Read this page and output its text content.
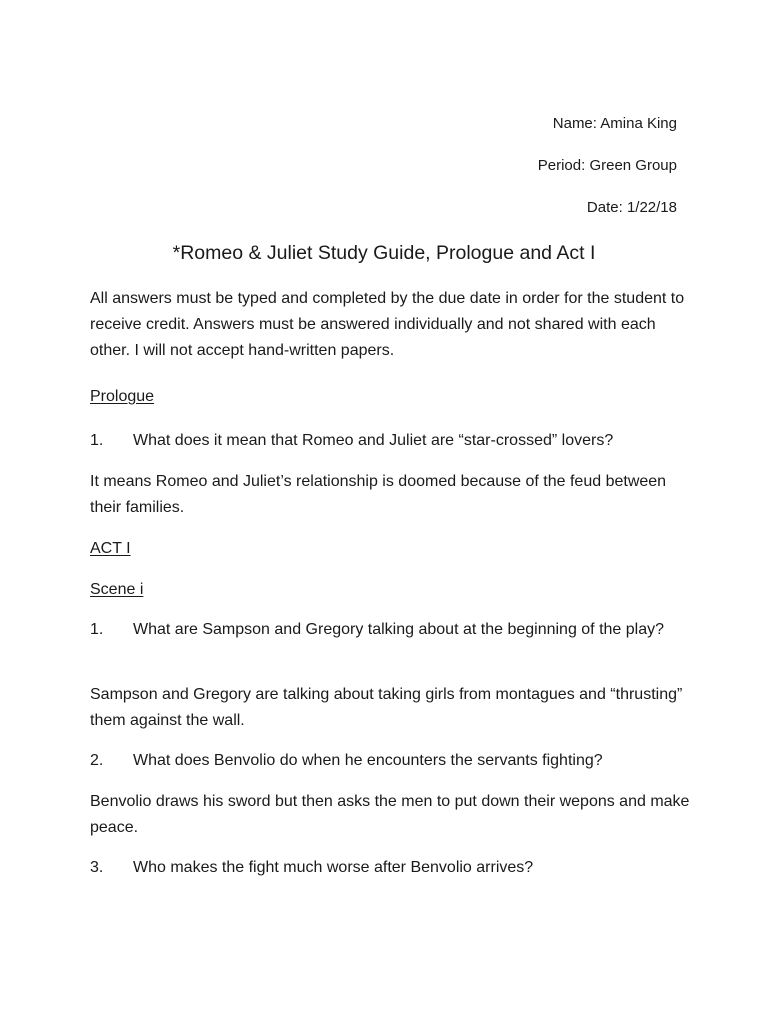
Name: Amina King
Period: Green Group
Date: 1/22/18
*Romeo & Juliet Study Guide, Prologue and Act I
All answers must be typed and completed by the due date in order for the student to receive credit. Answers must be answered individually and not shared with each other. I will not accept hand-written papers.
Prologue
1. What does it mean that Romeo and Juliet are “star-crossed” lovers?
It means Romeo and Juliet’s relationship is doomed because of the feud between their families.
ACT I
Scene i
1. What are Sampson and Gregory talking about at the beginning of the play?
Sampson and Gregory are talking about taking girls from montagues and “thrusting” them against the wall.
2. What does Benvolio do when he encounters the servants fighting?
Benvolio draws his sword but then asks the men to put down their wepons and make peace.
3. Who makes the fight much worse after Benvolio arrives?
